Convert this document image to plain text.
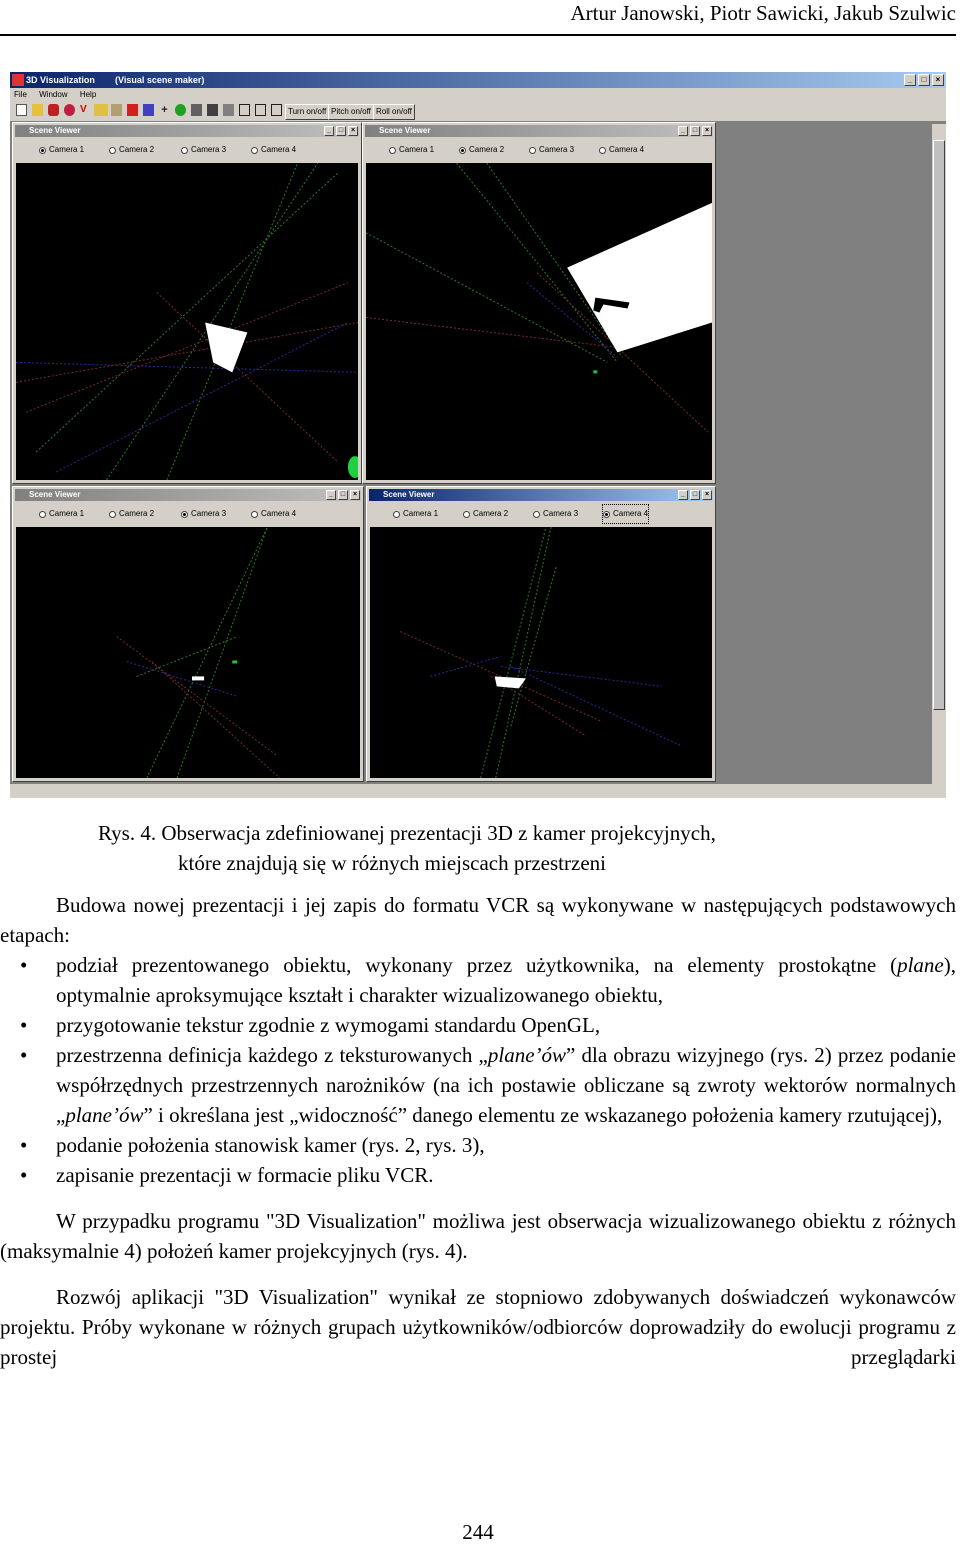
Artur Janowski, Piotr Sawicki, Jakub Szulwic
3D Visualization (Visual scene maker)	_	□	×
File Window Help
V	+	Turn on/off Pitch on/off Roll on/off
Scene Viewer	_	□	×
Camera 1	Camera 2	Camera 3	Camera 4
Scene Viewer	_	□	×
Camera 1	Camera 2	Camera 3	Camera 4
Scene Viewer	_	□	×
Camera 1	Camera 2	Camera 3	Camera 4
Scene Viewer	_	□	×
Camera 1	Camera 2	Camera 3	Camera 4
Rys. 4. Obserwacja zdefiniowanej prezentacji 3D z kamer projekcyjnych,
które znajdują się w różnych miejscach przestrzeni

Budowa nowej prezentacji i jej zapis do formatu VCR są wykonywane w następujących podstawowych etapach:

• podział prezentowanego obiektu, wykonany przez użytkownika, na elementy prostokątne (plane), optymalnie aproksymujące kształt i charakter wizualizowanego obiektu,
• przygotowanie tekstur zgodnie z wymogami standardu OpenGL,
• przestrzenna definicja każdego z teksturowanych „plane’ów” dla obrazu wizyjnego (rys. 2) przez podanie współrzędnych przestrzennych narożników (na ich postawie obliczane są zwroty wektorów normalnych „plane’ów” i określana jest „widoczność” danego elementu ze wskazanego położenia kamery rzutującej),
• podanie położenia stanowisk kamer (rys. 2, rys. 3),
• zapisanie prezentacji w formacie pliku VCR.

W przypadku programu "3D Visualization" możliwa jest obserwacja wizualizowanego obiektu z różnych (maksymalnie 4) położeń kamer projekcyjnych (rys. 4).

Rozwój aplikacji "3D Visualization" wynikał ze stopniowo zdobywanych doświadczeń wykonawców projektu. Próby wykonane w różnych grupach użytkowników/odbiorców doprowadziły do ewolucji programu z prostej przeglądarki

244
